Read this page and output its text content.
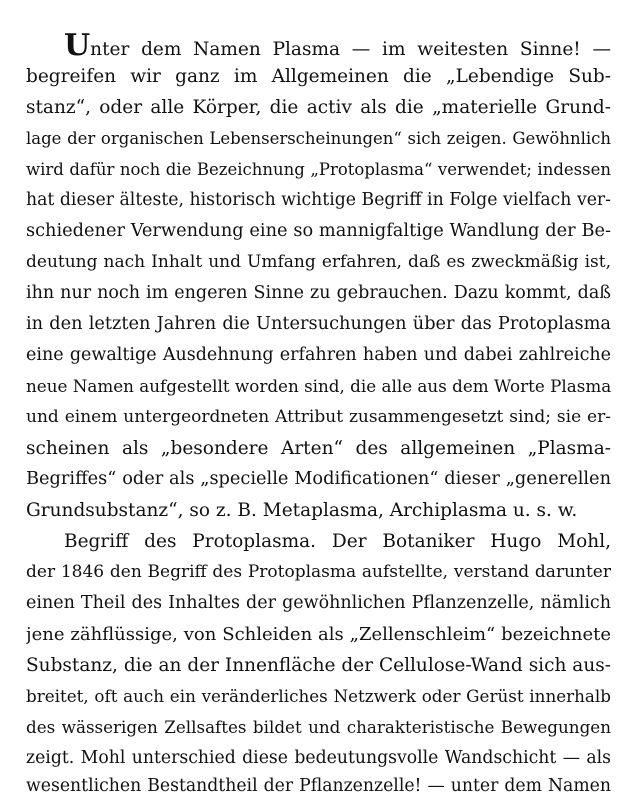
Unter dem Namen Plasma — im weitesten Sinne! —
begreifen wir ganz im Allgemeinen die „Lebendige Sub-
stanz“, oder alle Körper, die activ als die „materielle Grund-
lage der organischen Lebenserscheinungen“ sich zeigen. Gewöhnlich
wird dafür noch die Bezeichnung „Protoplasma“ verwendet; indessen
hat dieser älteste, historisch wichtige Begriff in Folge vielfach ver-
schiedener Verwendung eine so mannigfaltige Wandlung der Be-
deutung nach Inhalt und Umfang erfahren, daß es zweckmäßig ist,
ihn nur noch im engeren Sinne zu gebrauchen. Dazu kommt, daß
in den letzten Jahren die Untersuchungen über das Protoplasma
eine gewaltige Ausdehnung erfahren haben und dabei zahlreiche
neue Namen aufgestellt worden sind, die alle aus dem Worte Plasma
und einem untergeordneten Attribut zusammengesetzt sind; sie er-
scheinen als „besondere Arten“ des allgemeinen „Plasma-
Begriffes“ oder als „specielle Modificationen“ dieser „generellen
Grundsubstanz“, so z. B. Metaplasma, Archiplasma u. s. w.
Begriff des Protoplasma. Der Botaniker Hugo Mohl,
der 1846 den Begriff des Protoplasma aufstellte, verstand darunter
einen Theil des Inhaltes der gewöhnlichen Pflanzenzelle, nämlich
jene zähflüssige, von Schleiden als „Zellenschleim“ bezeichnete
Substanz, die an der Innenfläche der Cellulose-Wand sich aus-
breitet, oft auch ein veränderliches Netzwerk oder Gerüst innerhalb
des wässerigen Zellsaftes bildet und charakteristische Bewegungen
zeigt. Mohl unterschied diese bedeutungsvolle Wandschicht — als
wesentlichen Bestandtheil der Pflanzenzelle! — unter dem Namen
